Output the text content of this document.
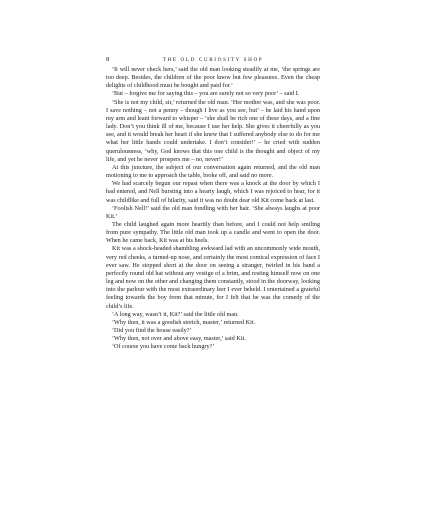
8	THE OLD CURIOSITY SHOP

‘It will never check hers,’ said the old man looking steadily at me, ‘the springs are too deep. Besides, the children of the poor know but few pleasures. Even the cheap delights of childhood must be bought and paid for.’

‘But – forgive me for saying this – you are surely not so very poor’ – said I.

‘She is not my child, sir,’ returned the old man. ‘Her mother was, and she was poor. I save nothing – not a penny – though I live as you see, but’ – he laid his hand upon my arm and leant forward to whisper – ‘she shall be rich one of these days, and a fine lady. Don’t you think ill of me, because I use her help. She gives it cheerfully as you see, and it would break her heart if she knew that I suffered anybody else to do for me what her little hands could undertake. I don’t consider!’ – he cried with sudden querulousness, ‘why, God knows that this one child is the thought and object of my life, and yet he never prospers me – no, never!’

At this juncture, the subject of our conversation again returned, and the old man motioning to me to approach the table, broke off, and said no more.

We had scarcely begun our repast when there was a knock at the door by which I had entered, and Nell bursting into a hearty laugh, which I was rejoiced to hear, for it was childlike and full of hilarity, said it was no doubt dear old Kit come back at last.

‘Foolish Nell!’ said the old man fondling with her hair. ‘She always laughs at poor Kit.’

The child laughed again more heartily than before, and I could not help smiling from pure sympathy. The little old man took up a candle and went to open the door. When he came back, Kit was at his heels.

Kit was a shock-headed shambling awkward lad with an uncommonly wide mouth, very red cheeks, a turned-up nose, and certainly the most comical expression of face I ever saw. He stopped short at the door on seeing a stranger, twirled in his hand a perfectly round old hat without any vestige of a brim, and resting himself now on one leg and now on the other and changing them constantly, stood in the doorway, looking into the parlour with the most extraordinary leer I ever beheld. I entertained a grateful feeling towards the boy from that minute, for I felt that he was the comedy of the child’s life.

‘A long way, wasn’t it, Kit?’ said the little old man.

‘Why then, it was a goodish stretch, master,’ returned Kit.

‘Did you find the house easily?’

‘Why then, not over and above easy, master,’ said Kit.

‘Of course you have come back hungry?’
